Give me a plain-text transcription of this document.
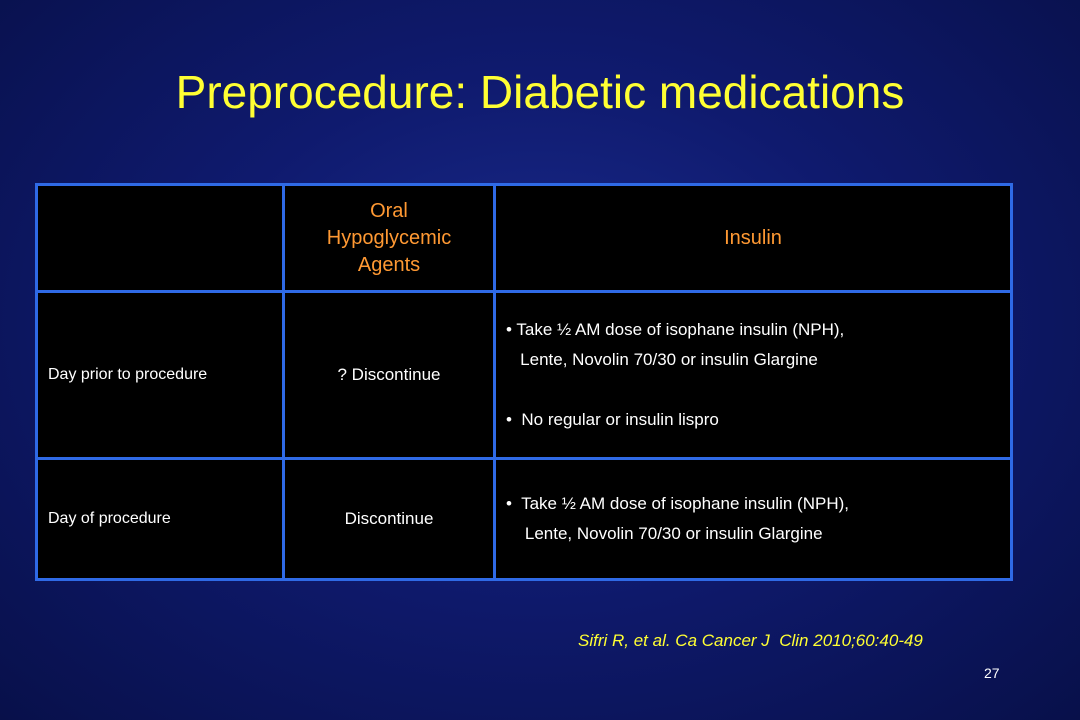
Preprocedure: Diabetic medications

	Oral
Hypoglycemic
Agents	Insulin
Day prior to procedure	? Discontinue	• Take ½ AM dose of isophane insulin (NPH),
Lente, Novolin 70/30 or insulin Glargine
•  No regular or insulin lispro

Day of procedure	Discontinue	•  Take ½ AM dose of isophane insulin (NPH),
Lente, Novolin 70/30 or insulin Glargine
Sifri R, et al. Ca Cancer J  Clin 2010;60:40-49
27
